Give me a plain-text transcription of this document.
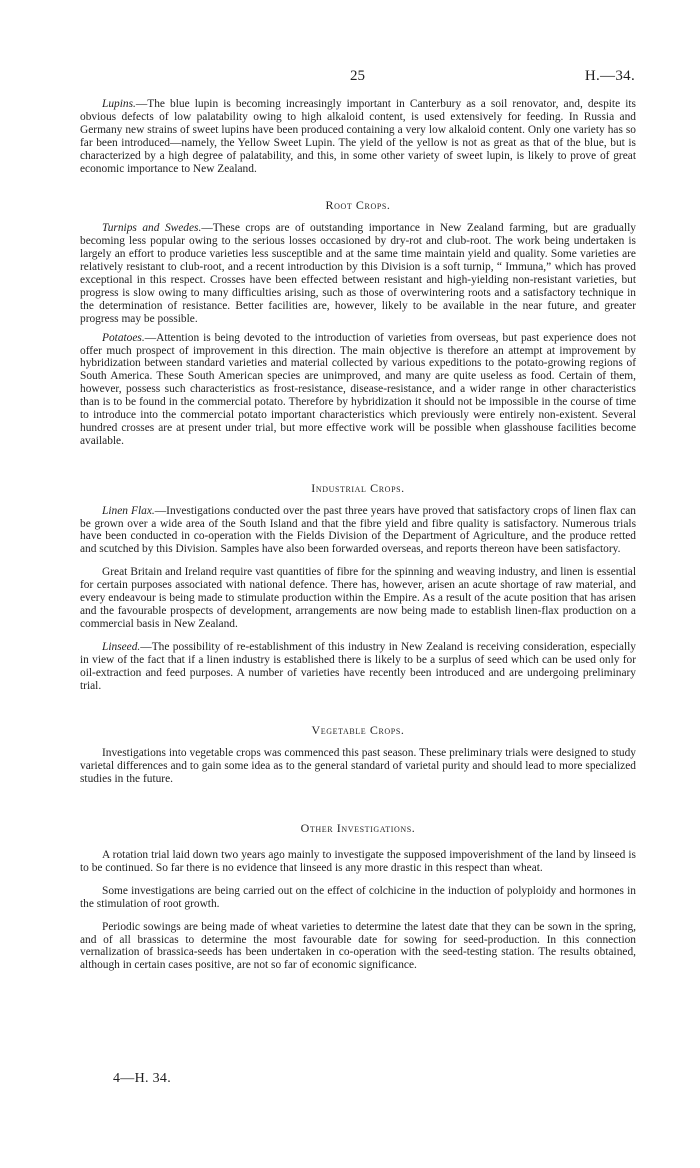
25	H.—34.

Lupins.—The blue lupin is becoming increasingly important in Canterbury as a soil renovator, and, despite its obvious defects of low palatability owing to high alkaloid content, is used extensively for feeding. In Russia and Germany new strains of sweet lupins have been produced containing a very low alkaloid content. Only one variety has so far been introduced—namely, the Yellow Sweet Lupin. The yield of the yellow is not as great as that of the blue, but is characterized by a high degree of palatability, and this, in some other variety of sweet lupin, is likely to prove of great economic importance to New Zealand.

Root Crops.

Turnips and Swedes.—These crops are of outstanding importance in New Zealand farming, but are gradually becoming less popular owing to the serious losses occasioned by dry-rot and club-root. The work being undertaken is largely an effort to produce varieties less susceptible and at the same time maintain yield and quality. Some varieties are relatively resistant to club-root, and a recent introduction by this Division is a soft turnip, “ Immuna,” which has proved exceptional in this respect. Crosses have been effected between resistant and high-yielding non-resistant varieties, but progress is slow owing to many difficulties arising, such as those of overwintering roots and a satisfactory technique in the determination of resistance. Better facilities are, however, likely to be available in the near future, and greater progress may be possible.

Potatoes.—Attention is being devoted to the introduction of varieties from overseas, but past experience does not offer much prospect of improvement in this direction. The main objective is therefore an attempt at improvement by hybridization between standard varieties and material collected by various expeditions to the potato-growing regions of South America. These South American species are unimproved, and many are quite useless as food. Certain of them, however, possess such characteristics as frost-resistance, disease-resistance, and a wider range in other characteristics than is to be found in the commercial potato. Therefore by hybridization it should not be impossible in the course of time to introduce into the commercial potato important characteristics which previously were entirely non-existent. Several hundred crosses are at present under trial, but more effective work will be possible when glasshouse facilities become available.

Industrial Crops.

Linen Flax.—Investigations conducted over the past three years have proved that satisfactory crops of linen flax can be grown over a wide area of the South Island and that the fibre yield and fibre quality is satisfactory. Numerous trials have been conducted in co-operation with the Fields Division of the Department of Agriculture, and the produce retted and scutched by this Division. Samples have also been forwarded overseas, and reports thereon have been satisfactory.

Great Britain and Ireland require vast quantities of fibre for the spinning and weaving industry, and linen is essential for certain purposes associated with national defence. There has, however, arisen an acute shortage of raw material, and every endeavour is being made to stimulate production within the Empire. As a result of the acute position that has arisen and the favourable prospects of development, arrangements are now being made to establish linen-flax production on a commercial basis in New Zealand.

Linseed.—The possibility of re-establishment of this industry in New Zealand is receiving consideration, especially in view of the fact that if a linen industry is established there is likely to be a surplus of seed which can be used only for oil-extraction and feed purposes. A number of varieties have recently been introduced and are undergoing preliminary trial.

Vegetable Crops.

Investigations into vegetable crops was commenced this past season. These preliminary trials were designed to study varietal differences and to gain some idea as to the general standard of varietal purity and should lead to more specialized studies in the future.

Other Investigations.

A rotation trial laid down two years ago mainly to investigate the supposed impoverishment of the land by linseed is to be continued. So far there is no evidence that linseed is any more drastic in this respect than wheat.

Some investigations are being carried out on the effect of colchicine in the induction of polyploidy and hormones in the stimulation of root growth.

Periodic sowings are being made of wheat varieties to determine the latest date that they can be sown in the spring, and of all brassicas to determine the most favourable date for sowing for seed-production. In this connection vernalization of brassica-seeds has been undertaken in co-operation with the seed-testing station. The results obtained, although in certain cases positive, are not so far of economic significance.

4—H. 34.
